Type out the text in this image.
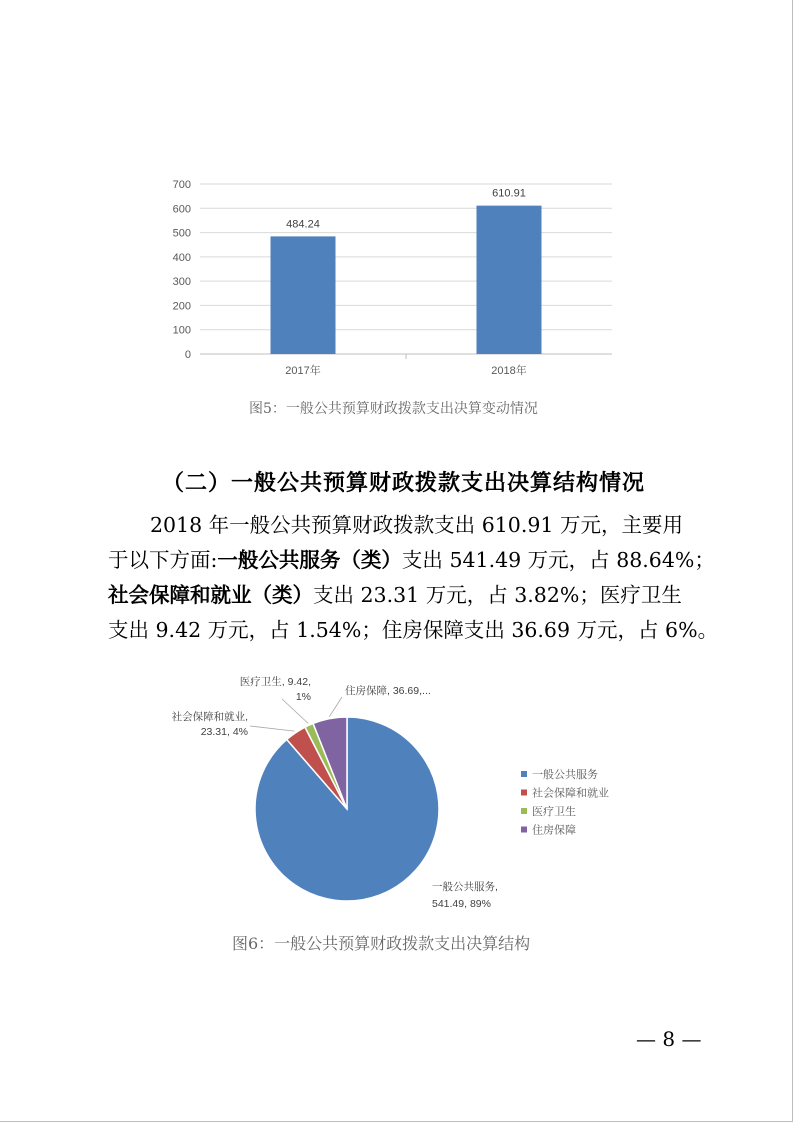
0
100
200
300
400
500
600
700
484.24
2017年
610.91
2018年
图5：一般公共预算财政拨款支出决算变动情况
（二）一般公共预算财政拨款支出决算结构情况
2018 年一般公共预算财政拨款支出 610.91 万元，主要用
于以下方面:一般公共服务（类）支出 541.49 万元，占 88.64%；
社会保障和就业（类）支出 23.31 万元，占 3.82%；医疗卫生
支出 9.42 万元，占 1.54%；住房保障支出 36.69 万元，占 6%。
一般公共服务,
541.49, 89%
社会保障和就业,
23.31, 4%
医疗卫生, 9.42,
1%	住房保障, 36.69,...
一般公共服务
社会保障和就业
医疗卫生
住房保障
图6：一般公共预算财政拨款支出决算结构
— 8 —
